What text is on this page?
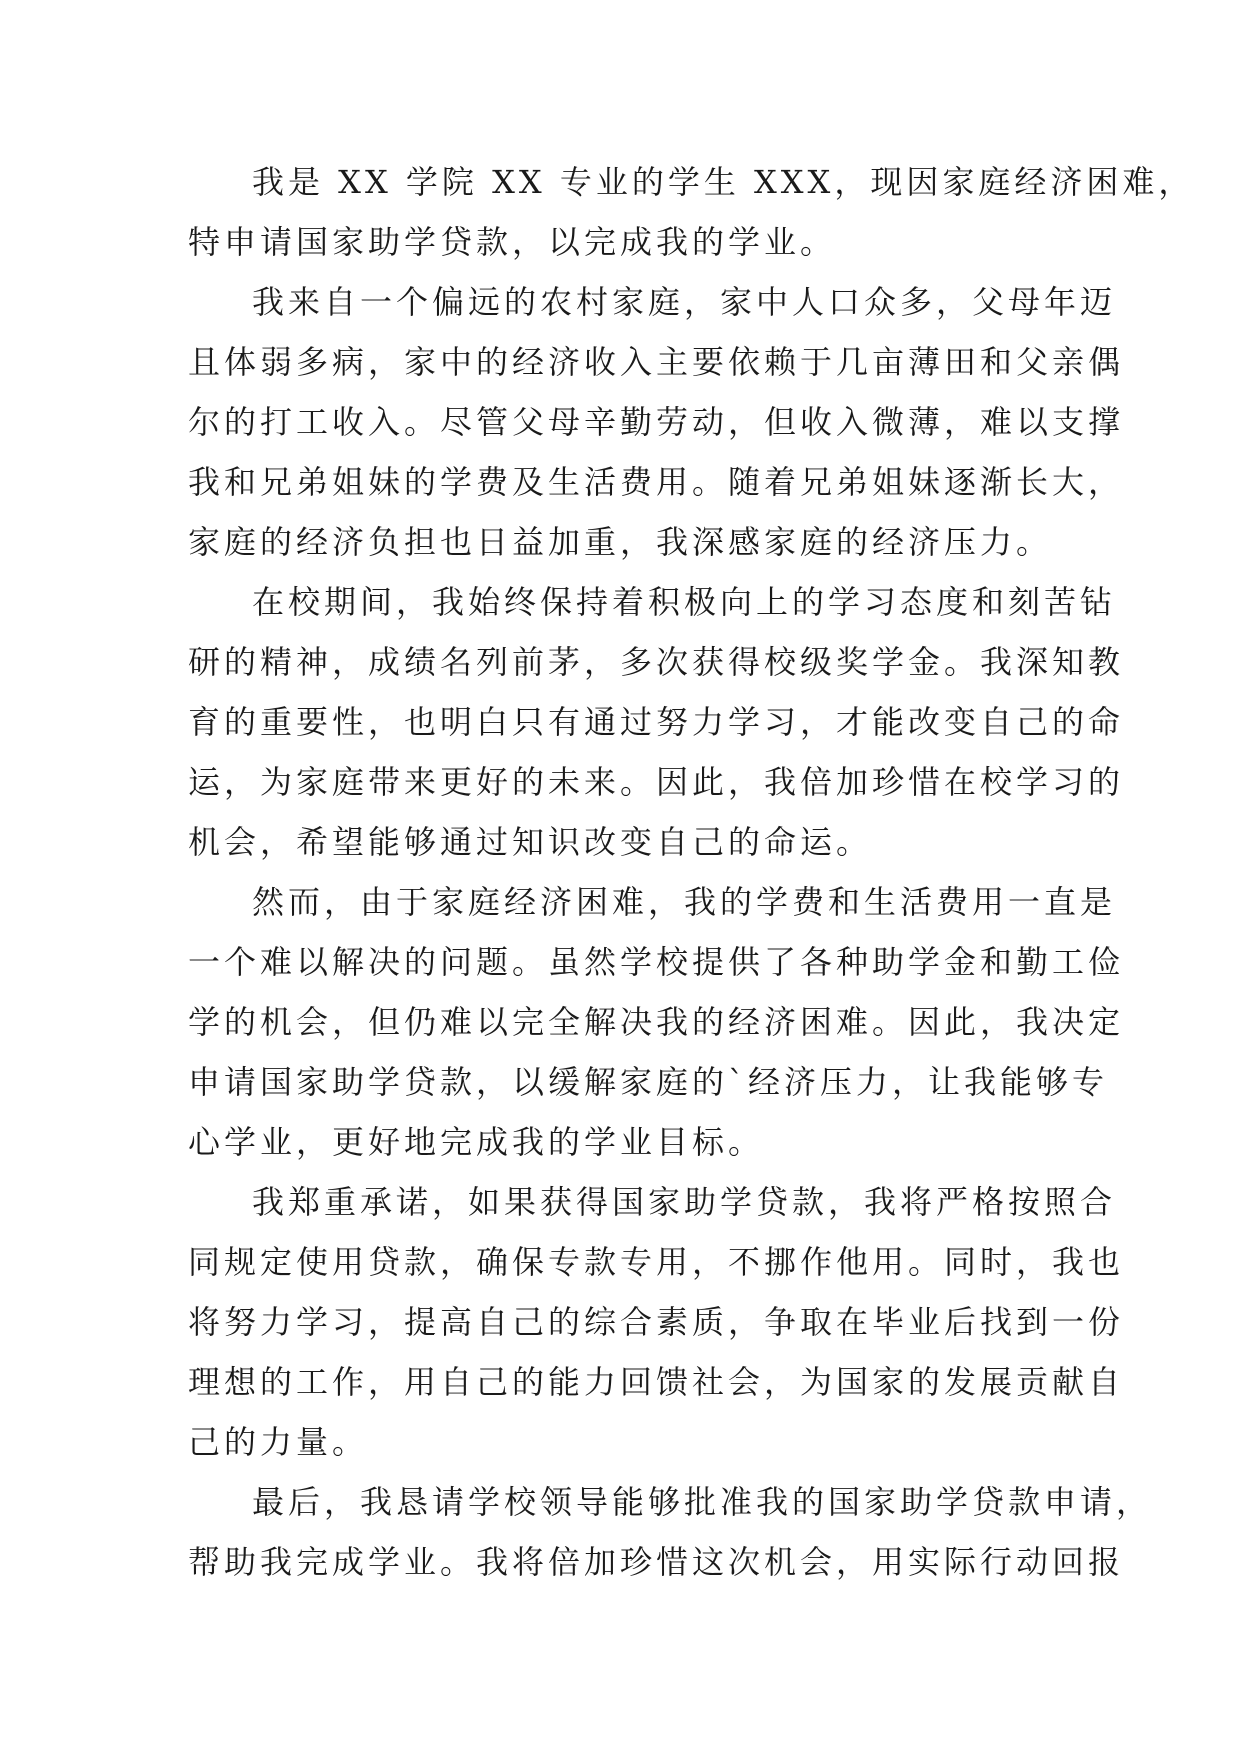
我是 XX 学院 XX 专业的学生 XXX，现因家庭经济困难，
特申请国家助学贷款，以完成我的学业。
我来自一个偏远的农村家庭，家中人口众多，父母年迈
且体弱多病，家中的经济收入主要依赖于几亩薄田和父亲偶
尔的打工收入。尽管父母辛勤劳动，但收入微薄，难以支撑
我和兄弟姐妹的学费及生活费用。随着兄弟姐妹逐渐长大，
家庭的经济负担也日益加重，我深感家庭的经济压力。
在校期间，我始终保持着积极向上的学习态度和刻苦钻
研的精神，成绩名列前茅，多次获得校级奖学金。我深知教
育的重要性，也明白只有通过努力学习，才能改变自己的命
运，为家庭带来更好的未来。因此，我倍加珍惜在校学习的
机会，希望能够通过知识改变自己的命运。
然而，由于家庭经济困难，我的学费和生活费用一直是
一个难以解决的问题。虽然学校提供了各种助学金和勤工俭
学的机会，但仍难以完全解决我的经济困难。因此，我决定
申请国家助学贷款，以缓解家庭的`经济压力，让我能够专
心学业，更好地完成我的学业目标。
我郑重承诺，如果获得国家助学贷款，我将严格按照合
同规定使用贷款，确保专款专用，不挪作他用。同时，我也
将努力学习，提高自己的综合素质，争取在毕业后找到一份
理想的工作，用自己的能力回馈社会，为国家的发展贡献自
己的力量。
最后，我恳请学校领导能够批准我的国家助学贷款申请，
帮助我完成学业。我将倍加珍惜这次机会，用实际行动回报
